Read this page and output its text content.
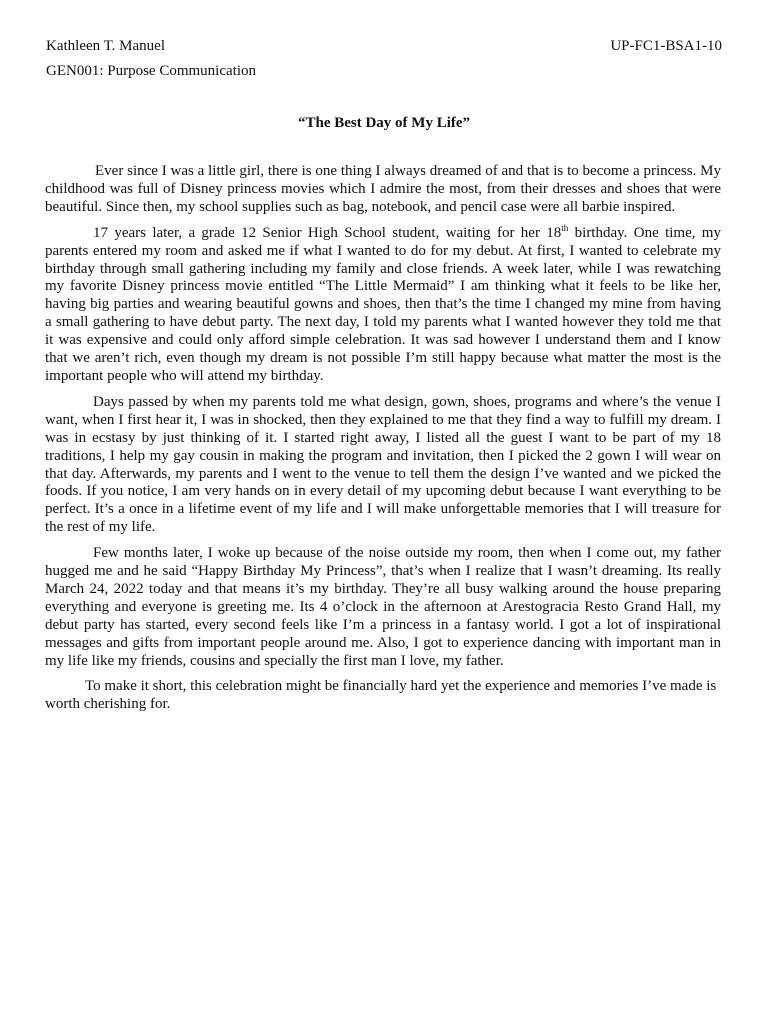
Kathleen T. Manuel	UP-FC1-BSA1-10
GEN001: Purpose Communication
“The Best Day of My Life”

Ever since I was a little girl, there is one thing I always dreamed of and that is to become a princess. My childhood was full of Disney princess movies which I admire the most, from their dresses and shoes that were beautiful. Since then, my school supplies such as bag, notebook, and pencil case were all barbie inspired.

17 years later, a grade 12 Senior High School student, waiting for her 18th birthday. One time, my parents entered my room and asked me if what I wanted to do for my debut. At first, I wanted to celebrate my birthday through small gathering including my family and close friends. A week later, while I was rewatching my favorite Disney princess movie entitled “The Little Mermaid” I am thinking what it feels to be like her, having big parties and wearing beautiful gowns and shoes, then that’s the time I changed my mine from having a small gathering to have debut party. The next day, I told my parents what I wanted however they told me that it was expensive and could only afford simple celebration. It was sad however I understand them and I know that we aren’t rich, even though my dream is not possible I’m still happy because what matter the most is the important people who will attend my birthday.

Days passed by when my parents told me what design, gown, shoes, programs and where’s the venue I want, when I first hear it, I was in shocked, then they explained to me that they find a way to fulfill my dream. I was in ecstasy by just thinking of it. I started right away, I listed all the guest I want to be part of my 18 traditions, I help my gay cousin in making the program and invitation, then I picked the 2 gown I will wear on that day. Afterwards, my parents and I went to the venue to tell them the design I’ve wanted and we picked the foods. If you notice, I am very hands on in every detail of my upcoming debut because I want everything to be perfect. It’s a once in a lifetime event of my life and I will make unforgettable memories that I will treasure for the rest of my life.

Few months later, I woke up because of the noise outside my room, then when I come out, my father hugged me and he said “Happy Birthday My Princess”, that’s when I realize that I wasn’t dreaming. Its really March 24, 2022 today and that means it’s my birthday. They’re all busy walking around the house preparing everything and everyone is greeting me. Its 4 o’clock in the afternoon at Arestogracia Resto Grand Hall, my debut party has started, every second feels like I’m a princess in a fantasy world. I got a lot of inspirational messages and gifts from important people around me. Also, I got to experience dancing with important man in my life like my friends, cousins and specially the first man I love, my father.

To make it short, this celebration might be financially hard yet the experience and memories I’ve made is worth cherishing for.
